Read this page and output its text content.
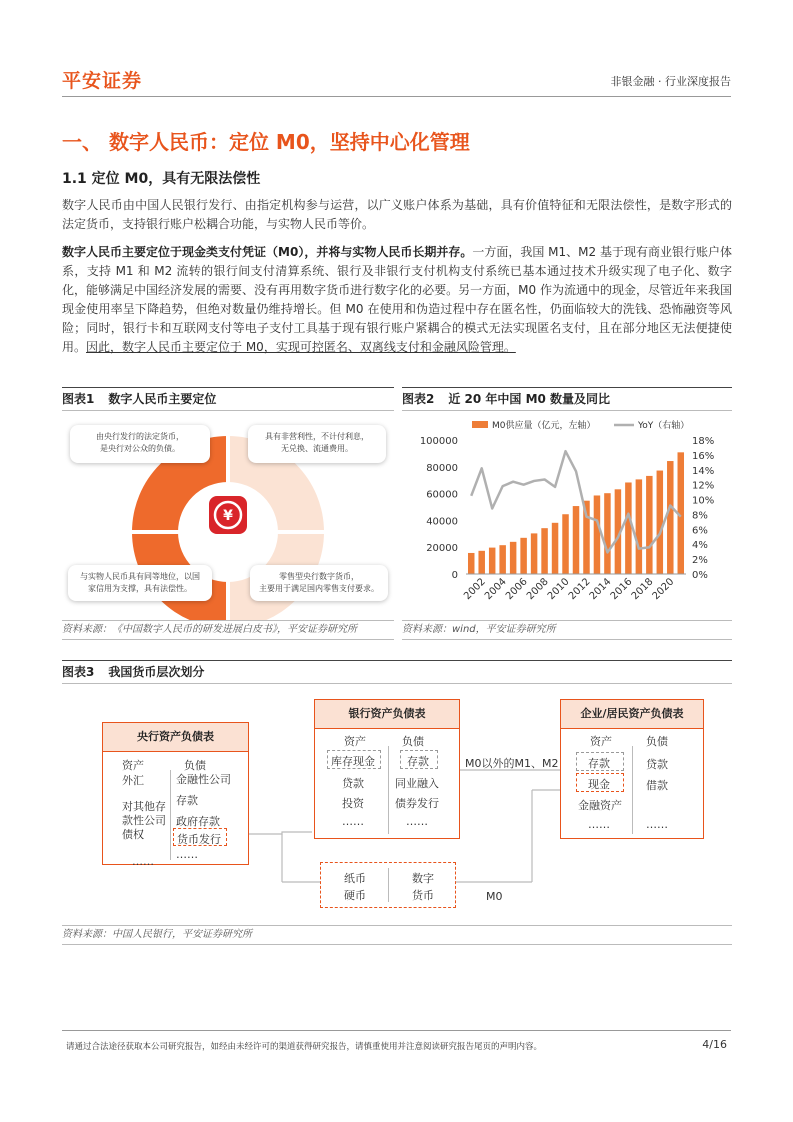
平安证券	非银金融 · 行业深度报告
一、 数字人民币：定位 M0，坚持中心化管理
1.1 定位 M0，具有无限法偿性
数字人民币由中国人民银行发行、由指定机构参与运营，以广义账户体系为基础，具有价值特征和无限法偿性，是数字形式的法定货币，支持银行账户松耦合功能，与实物人民币等价。
数字人民币主要定位于现金类支付凭证（M0），并将与实物人民币长期并存。一方面，我国 M1、M2 基于现有商业银行账户体系，支持 M1 和 M2 流转的银行间支付清算系统、银行及非银行支付机构支付系统已基本通过技术升级实现了电子化、数字化，能够满足中国经济发展的需要、没有再用数字货币进行数字化的必要。另一方面，M0 作为流通中的现金，尽管近年来我国现金使用率呈下降趋势，但绝对数量仍维持增长。但 M0 在使用和伪造过程中存在匿名性，仍面临较大的洗钱、恐怖融资等风险；同时，银行卡和互联网支付等电子支付工具基于现有银行账户紧耦合的模式无法实现匿名支付，且在部分地区无法便捷使用。因此，数字人民币主要定位于 M0，实现可控匿名、双离线支付和金融风险管理。
图表1 数字人民币主要定位
¥
由央行发行的法定货币，
是央行对公众的负债。
具有非营利性，不计付利息，
无兑换、流通费用。
与实物人民币具有同等地位，以国
家信用为支撑，具有法偿性。
零售型央行数字货币，
主要用于满足国内零售支付要求。
资料来源：《中国数字人民币的研发进展白皮书》，平安证券研究所
图表2 近 20 年中国 M0 数量及同比
M0供应量（亿元，左轴）	YoY（右轴）
0
20000
40000
60000
80000
100000
0%
2%
4%
6%
8%
10%
12%
14%
16%
18%
2002
2004
2006
2008
2010
2012
2014
2016
2018
2020
资料来源：wind，平安证券研究所
图表3 我国货币层次划分
央行资产负债表
资产	负债
外汇
对其他存
款性公司
债权
……
金融性公司
存款
政府存款
货币发行
……
银行资产负债表
资产	负债
库存现金
贷款
投资
……
存款
同业融入
债券发行
……
M0以外的M1、M2
企业/居民资产负债表
资产	负债
存款
现金
金融资产
……
贷款
借款
……
纸币
硬币
数字
货币	M0
资料来源：中国人民银行，平安证券研究所
请通过合法途径获取本公司研究报告，如经由未经许可的渠道获得研究报告，请慎重使用并注意阅读研究报告尾页的声明内容。	4/16
